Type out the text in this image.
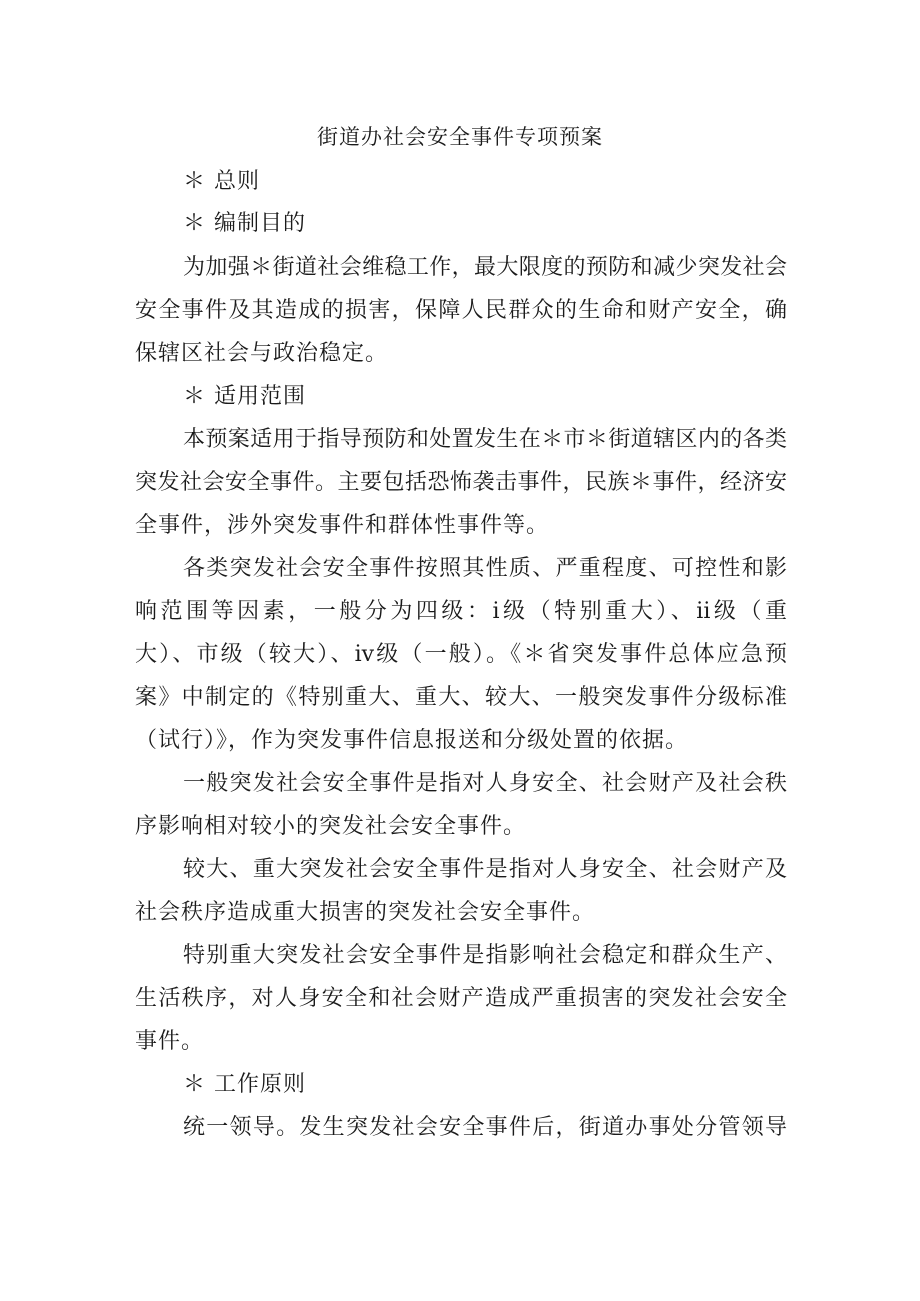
街道办社会安全事件专项预案
＊ 总则
＊ 编制目的
为加强＊街道社会维稳工作，最大限度的预防和减少突发社会
安全事件及其造成的损害，保障人民群众的生命和财产安全，确
保辖区社会与政治稳定。
＊ 适用范围
本预案适用于指导预防和处置发生在＊市＊街道辖区内的各类
突发社会安全事件。主要包括恐怖袭击事件，民族＊事件，经济安
全事件，涉外突发事件和群体性事件等。
各类突发社会安全事件按照其性质、严重程度、可控性和影
响范围等因素，一般分为四级：i级（特别重大）、ii级（重
大）、市级（较大）、iv级（一般）。《＊省突发事件总体应急预
案》中制定的《特别重大、重大、较大、一般突发事件分级标准
（试行）》，作为突发事件信息报送和分级处置的依据。
一般突发社会安全事件是指对人身安全、社会财产及社会秩
序影响相对较小的突发社会安全事件。
较大、重大突发社会安全事件是指对人身安全、社会财产及
社会秩序造成重大损害的突发社会安全事件。
特别重大突发社会安全事件是指影响社会稳定和群众生产、
生活秩序，对人身安全和社会财产造成严重损害的突发社会安全
事件。
＊ 工作原则
统一领导。发生突发社会安全事件后，街道办事处分管领导
